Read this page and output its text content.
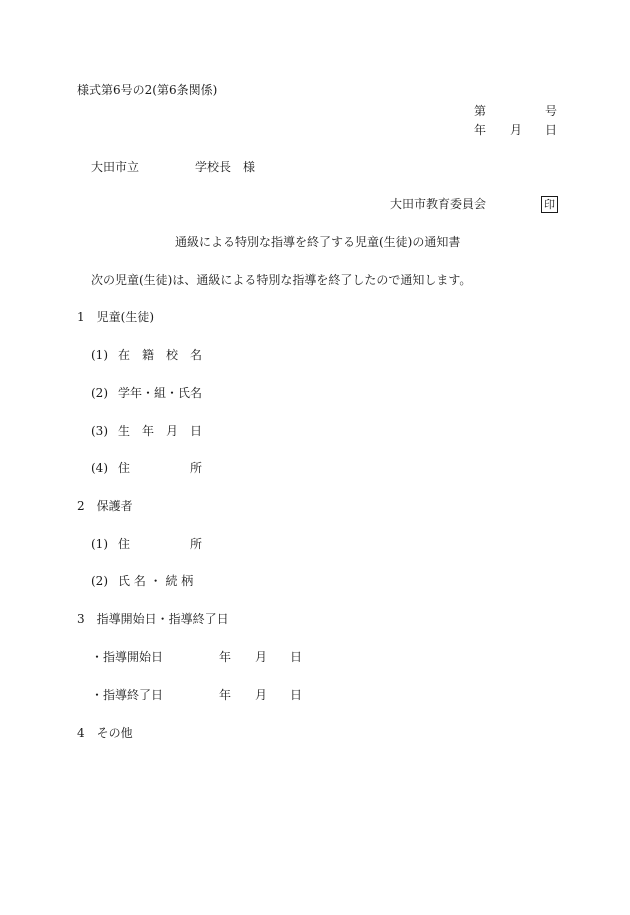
様式第6号の2(第6条関係)
第	号
年 月 日
大田市立	学校長 様
大田市教育委員会	印
通級による特別な指導を終了する児童(生徒)の通知書
次の児童(生徒)は、通級による特別な指導を終了したので通知します。
1　児童(生徒)
(1) 在　籍　校　名
(2) 学年・組・氏名
(3) 生　年　月　日
(4) 住　　　　　所
2　保護者
(1) 住　　　　　所
(2) 氏 名 ・ 続 柄
3　指導開始日・指導終了日
・指導開始日	年 月 日
・指導終了日	年 月 日
4　その他
